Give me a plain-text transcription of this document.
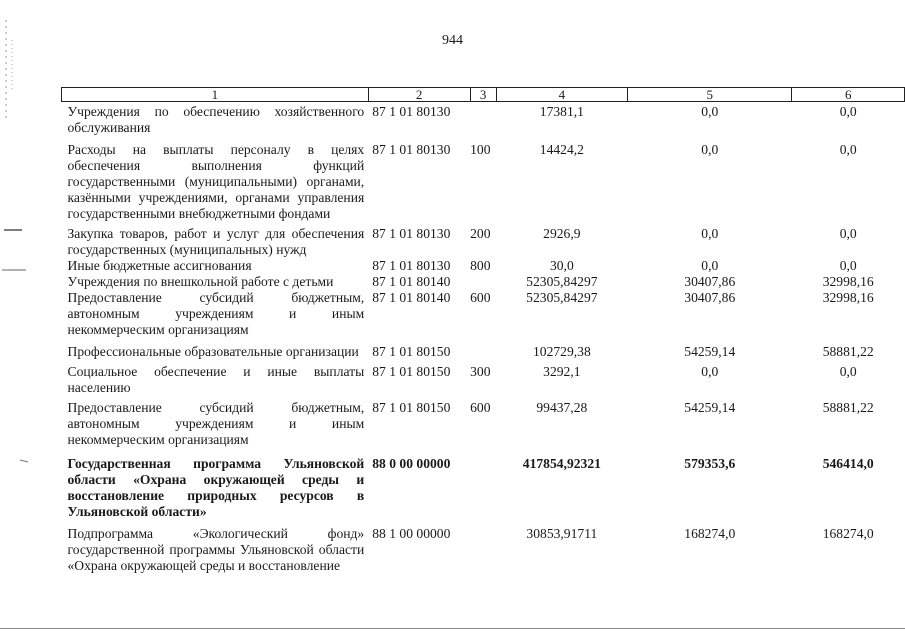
944
1	2	3	4	5	6
Учреждения по обеспечению хозяйственного обслуживания	87 1 01 80130		17381,1	0,0	0,0
Расходы на выплаты персоналу в целях обеспечения выполнения функций государственными (муниципальными) органами, казёнными учреждениями, органами управления государственными внебюджетными фондами	87 1 01 80130	100	14424,2	0,0	0,0
Закупка товаров, работ и услуг для обеспечения государственных (муниципальных) нужд	87 1 01 80130	200	2926,9	0,0	0,0
Иные бюджетные ассигнования	87 1 01 80130	800	30,0	0,0	0,0
Учреждения по внешкольной работе с детьми	87 1 01 80140		52305,84297	30407,86	32998,16
Предоставление субсидий бюджетным, автономным учреждениям и иным некоммерческим организациям	87 1 01 80140	600	52305,84297	30407,86	32998,16
Профессиональные образовательные организации	87 1 01 80150		102729,38	54259,14	58881,22
Социальное обеспечение и иные выплаты населению	87 1 01 80150	300	3292,1	0,0	0,0
Предоставление субсидий бюджетным, автономным учреждениям и иным некоммерческим организациям	87 1 01 80150	600	99437,28	54259,14	58881,22
Государственная программа Ульяновской области «Охрана окружающей среды и восстановление природных ресурсов в Ульяновской области»	88 0 00 00000		417854,92321	579353,6	546414,0
Подпрограмма «Экологический фонд» государственной программы Ульяновской области «Охрана окружающей среды и восстановление	88 1 00 00000		30853,91711	168274,0	168274,0
